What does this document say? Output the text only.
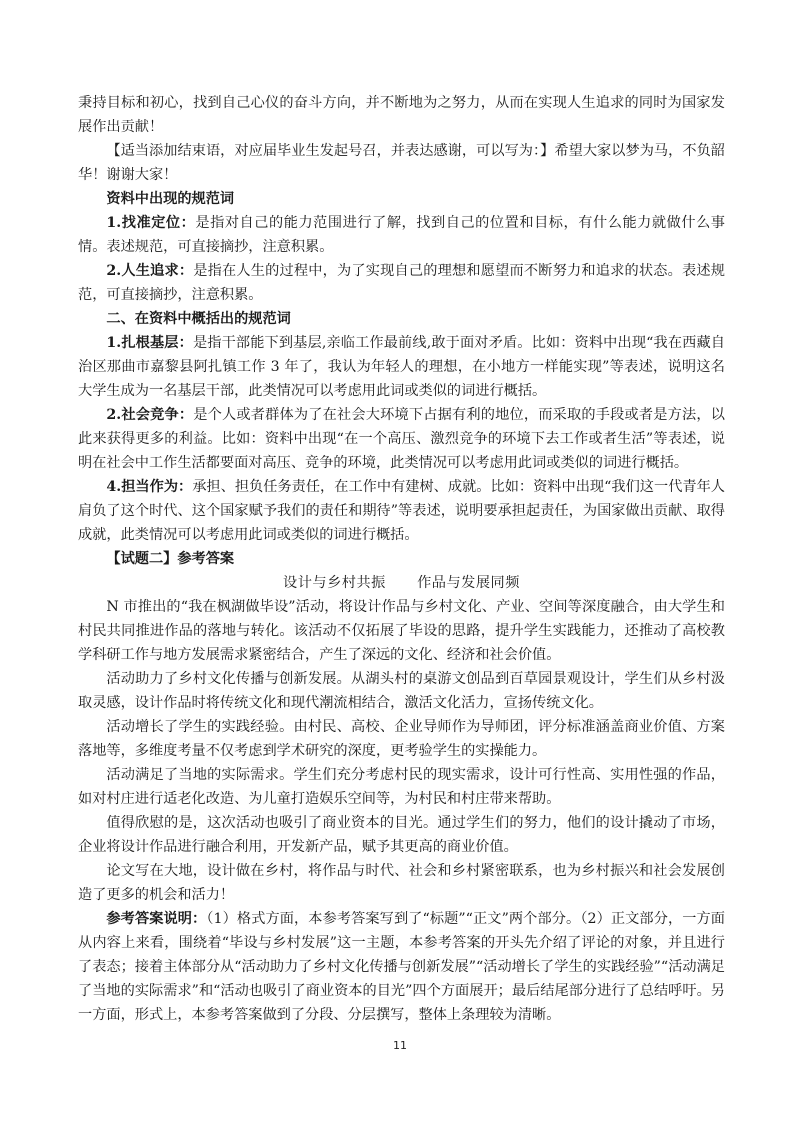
秉持目标和初心，找到自己心仪的奋斗方向，并不断地为之努力，从而在实现人生追求的同时为国家发展作出贡献！

【适当添加结束语，对应届毕业生发起号召，并表达感谢，可以写为：】希望大家以梦为马，不负韶华！谢谢大家！

资料中出现的规范词

1.找准定位：是指对自己的能力范围进行了解，找到自己的位置和目标，有什么能力就做什么事情。表述规范，可直接摘抄，注意积累。

2.人生追求：是指在人生的过程中，为了实现自己的理想和愿望而不断努力和追求的状态。表述规范，可直接摘抄，注意积累。

二、在资料中概括出的规范词

1.扎根基层：是指干部能下到基层,亲临工作最前线,敢于面对矛盾。比如：资料中出现“我在西藏自治区那曲市嘉黎县阿扎镇工作 3 年了，我认为年轻人的理想，在小地方一样能实现”等表述，说明这名大学生成为一名基层干部，此类情况可以考虑用此词或类似的词进行概括。

2.社会竞争：是个人或者群体为了在社会大环境下占据有利的地位，而采取的手段或者是方法，以此来获得更多的利益。比如：资料中出现“在一个高压、激烈竞争的环境下去工作或者生活”等表述，说明在社会中工作生活都要面对高压、竞争的环境，此类情况可以考虑用此词或类似的词进行概括。

4.担当作为：承担、担负任务责任，在工作中有建树、成就。比如：资料中出现“我们这一代青年人肩负了这个时代、这个国家赋予我们的责任和期待”等表述，说明要承担起责任，为国家做出贡献、取得成就，此类情况可以考虑用此词或类似的词进行概括。

【试题二】参考答案

设计与乡村共振 作品与发展同频

N 市推出的“我在枫湖做毕设”活动，将设计作品与乡村文化、产业、空间等深度融合，由大学生和村民共同推进作品的落地与转化。该活动不仅拓展了毕设的思路，提升学生实践能力，还推动了高校教学科研工作与地方发展需求紧密结合，产生了深远的文化、经济和社会价值。

活动助力了乡村文化传播与创新发展。从湖头村的桌游文创品到百草园景观设计，学生们从乡村汲取灵感，设计作品时将传统文化和现代潮流相结合，激活文化活力，宣扬传统文化。

活动增长了学生的实践经验。由村民、高校、企业导师作为导师团，评分标准涵盖商业价值、方案落地等，多维度考量不仅考虑到学术研究的深度，更考验学生的实操能力。

活动满足了当地的实际需求。学生们充分考虑村民的现实需求，设计可行性高、实用性强的作品，如对村庄进行适老化改造、为儿童打造娱乐空间等，为村民和村庄带来帮助。

值得欣慰的是，这次活动也吸引了商业资本的目光。通过学生们的努力，他们的设计撬动了市场，企业将设计作品进行融合利用，开发新产品，赋予其更高的商业价值。

论文写在大地，设计做在乡村，将作品与时代、社会和乡村紧密联系，也为乡村振兴和社会发展创造了更多的机会和活力！

参考答案说明：（1）格式方面，本参考答案写到了“标题”“正文”两个部分。（2）正文部分，一方面从内容上来看，围绕着“毕设与乡村发展”这一主题，本参考答案的开头先介绍了评论的对象，并且进行了表态；接着主体部分从“活动助力了乡村文化传播与创新发展”“活动增长了学生的实践经验”“活动满足了当地的实际需求”和“活动也吸引了商业资本的目光”四个方面展开；最后结尾部分进行了总结呼吁。另一方面，形式上，本参考答案做到了分段、分层撰写，整体上条理较为清晰。

11
